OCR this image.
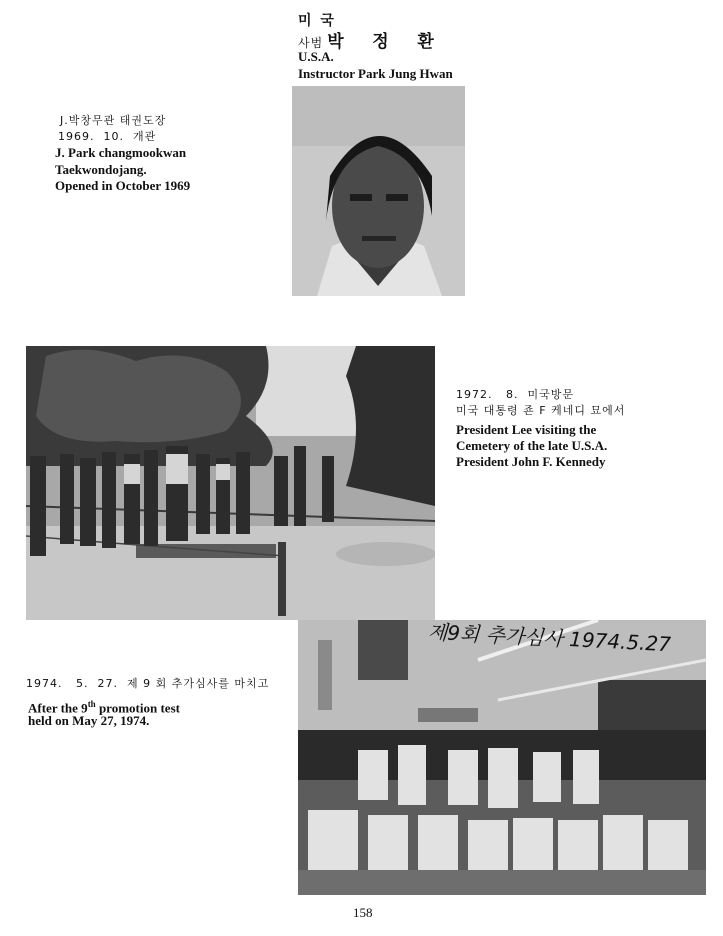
미 국
사범 박    정    환
U.S.A.
Instructor Park Jung Hwan
J.박창무관 태권도장
1969.  10.  개관
J. Park changmookwan
Taekwondojang.
Opened in October 1969
1972.   8.  미국방문
미국 대통령 죤 F 케네디 묘에서
President Lee visiting the
Cemetery of the late U.S.A.
President John F. Kennedy
제9회 추가심사 1974.5.27
1974.   5.  27.  제 9 회 추가심사를 마치고
After the 9th promotion test
held on May 27, 1974.
158
